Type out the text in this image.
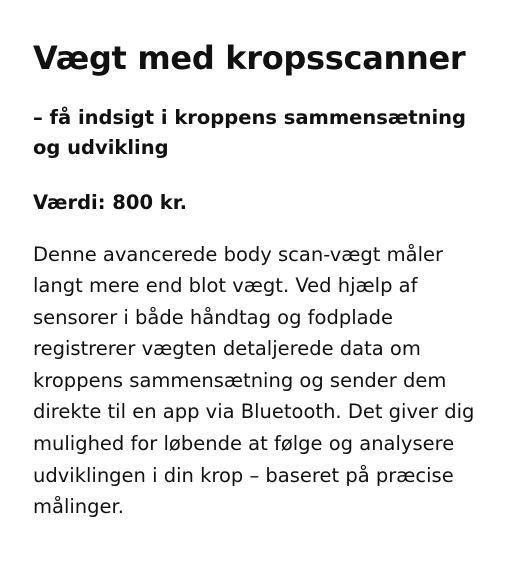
Vægt med kropsscanner

– få indsigt i kroppens sammensætning og udvikling

Værdi: 800 kr.

Denne avancerede body scan-vægt måler langt mere end blot vægt. Ved hjælp af sensorer i både håndtag og fodplade registrerer vægten detaljerede data om kroppens sammensætning og sender dem direkte til en app via Bluetooth. Det giver dig mulighed for løbende at følge og analysere udviklingen i din krop – baseret på præcise målinger.
